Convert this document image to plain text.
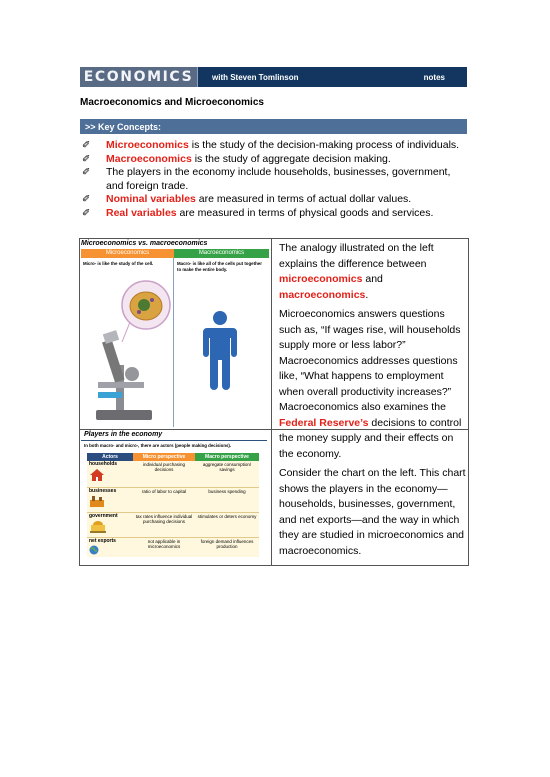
ECONOMICS	with Steven Tomlinson	notes
Macroeconomics and Microeconomics
>> Key Concepts:
✐ Microeconomics is the study of the decision-making process of individuals.
✐ Macroeconomics is the study of aggregate decision making.
✐ The players in the economy include households, businesses, government, and foreign trade.
✐ Nominal variables are measured in terms of actual dollar values.
✐ Real variables are measured in terms of physical goods and services.
Microeconomics vs. macroeconomics
Microeconomics	Macroeconomics
Micro- is like the study of the cell.	Macro- is like all of the cells put together to make the entire body.

The analogy illustrated on the left explains the difference between microeconomics and macroeconomics.

Microeconomics answers questions such as, “If wages rise, will households supply more or less labor?” Macroeconomics addresses questions like, “What happens to employment when overall productivity increases?” Macroeconomics also examines the Federal Reserve’s decisions to control the money supply and their effects on the economy.

Players in the economy
In both macro- and micro-, there are actors (people making decisions).
Actors	Micro perspective	Macro perspective

households	individual purchasing decisions	aggregate consumption/ savings

businesses	ratio of labor to capital	business spending

government	tax rates influence individual purchasing decisions	stimulates or deters economy

net exports	not applicable in microeconomics	foreign demand influences production
Consider the chart on the left. This chart shows the players in the economy—households, businesses, government, and net exports—and the way in which they are studied in microeconomics and macroeconomics.
